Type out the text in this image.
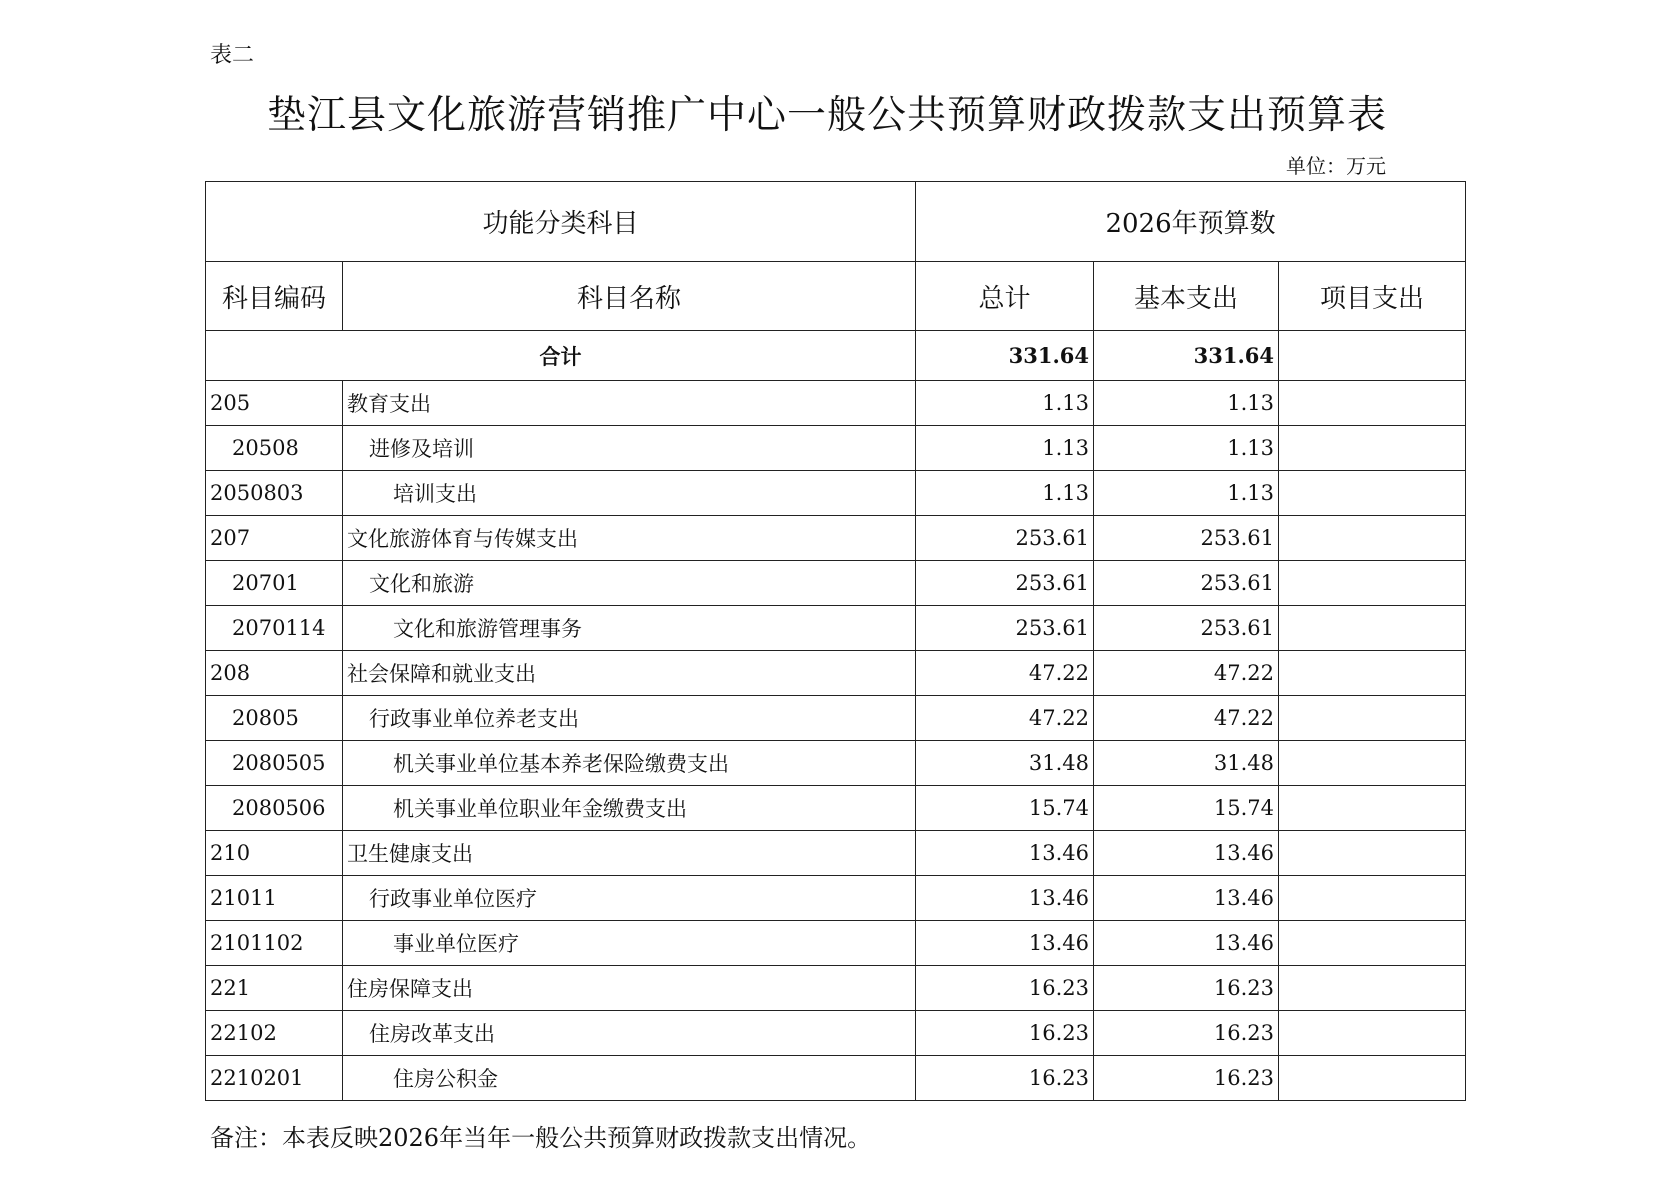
表二
垫江县文化旅游营销推广中心一般公共预算财政拨款支出预算表
单位：万元
功能分类科目		2026年预算数		
科目编码	科目名称	总计	基本支出	项目支出
合计		331.64	331.64	
205	教育支出	1.13	1.13	
20508	进修及培训	1.13	1.13	
2050803	培训支出	1.13	1.13	
207	文化旅游体育与传媒支出	253.61	253.61	
20701	文化和旅游	253.61	253.61	
2070114	文化和旅游管理事务	253.61	253.61	
208	社会保障和就业支出	47.22	47.22	
20805	行政事业单位养老支出	47.22	47.22	
2080505	机关事业单位基本养老保险缴费支出	31.48	31.48	
2080506	机关事业单位职业年金缴费支出	15.74	15.74	
210	卫生健康支出	13.46	13.46	
21011	行政事业单位医疗	13.46	13.46	
2101102	事业单位医疗	13.46	13.46	
221	住房保障支出	16.23	16.23	
22102	住房改革支出	16.23	16.23	
2210201	住房公积金	16.23	16.23	
备注：本表反映2026年当年一般公共预算财政拨款支出情况。
